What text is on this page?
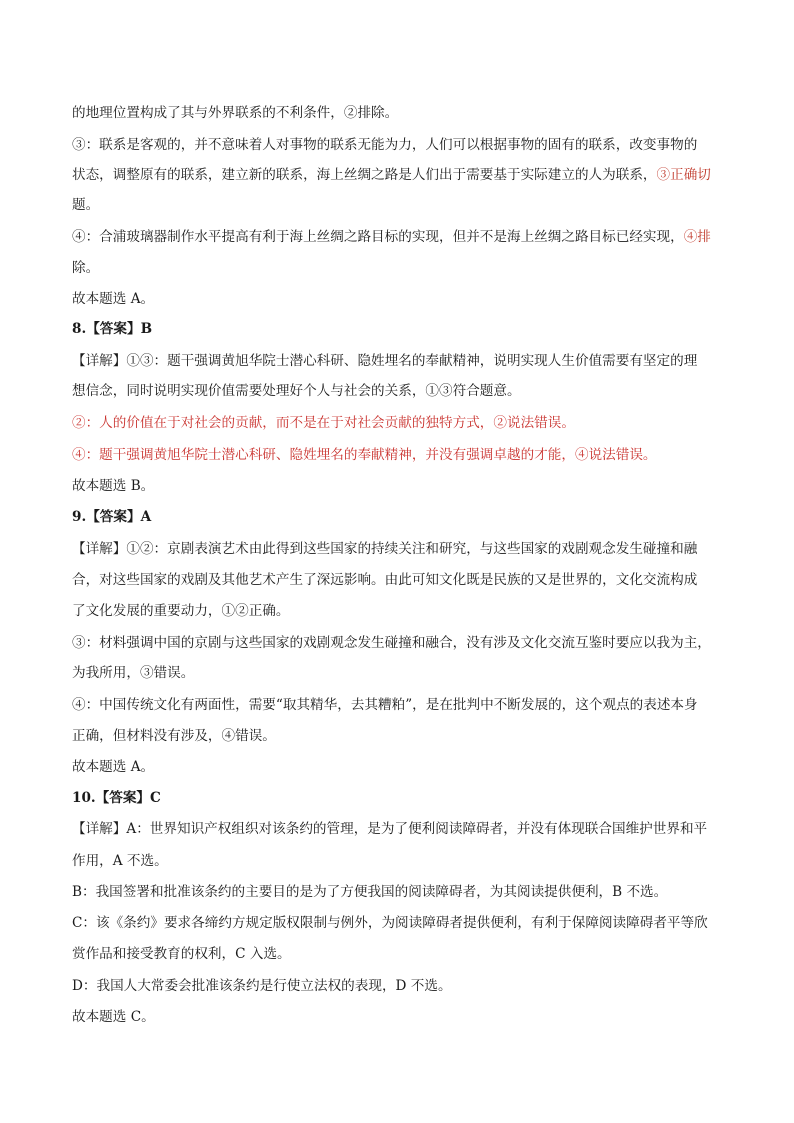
的地理位置构成了其与外界联系的不利条件，②排除。
③：联系是客观的，并不意味着人对事物的联系无能为力，人们可以根据事物的固有的联系，改变事物的
状态，调整原有的联系，建立新的联系，海上丝绸之路是人们出于需要基于实际建立的人为联系，③正确切
题。
④：合浦玻璃器制作水平提高有利于海上丝绸之路目标的实现，但并不是海上丝绸之路目标已经实现，④排
除。
故本题选 A。
8.【答案】B
【详解】①③：题干强调黄旭华院士潜心科研、隐姓埋名的奉献精神，说明实现人生价值需要有坚定的理
想信念，同时说明实现价值需要处理好个人与社会的关系，①③符合题意。
②：人的价值在于对社会的贡献，而不是在于对社会贡献的独特方式，②说法错误。
④：题干强调黄旭华院士潜心科研、隐姓埋名的奉献精神，并没有强调卓越的才能，④说法错误。
故本题选 B。
9.【答案】A
【详解】①②：京剧表演艺术由此得到这些国家的持续关注和研究，与这些国家的戏剧观念发生碰撞和融
合，对这些国家的戏剧及其他艺术产生了深远影响。由此可知文化既是民族的又是世界的，文化交流构成
了文化发展的重要动力，①②正确。
③：材料强调中国的京剧与这些国家的戏剧观念发生碰撞和融合，没有涉及文化交流互鉴时要应以我为主，
为我所用，③错误。
④：中国传统文化有两面性，需要“取其精华，去其糟粕”，是在批判中不断发展的，这个观点的表述本身
正确，但材料没有涉及，④错误。
故本题选 A。
10.【答案】C
【详解】A：世界知识产权组织对该条约的管理，是为了便利阅读障碍者，并没有体现联合国维护世界和平
作用，A 不选。
B：我国签署和批准该条约的主要目的是为了方便我国的阅读障碍者，为其阅读提供便利，B 不选。
C：该《条约》要求各缔约方规定版权限制与例外，为阅读障碍者提供便利，有利于保障阅读障碍者平等欣
赏作品和接受教育的权利，C 入选。
D：我国人大常委会批准该条约是行使立法权的表现，D 不选。
故本题选 C。
